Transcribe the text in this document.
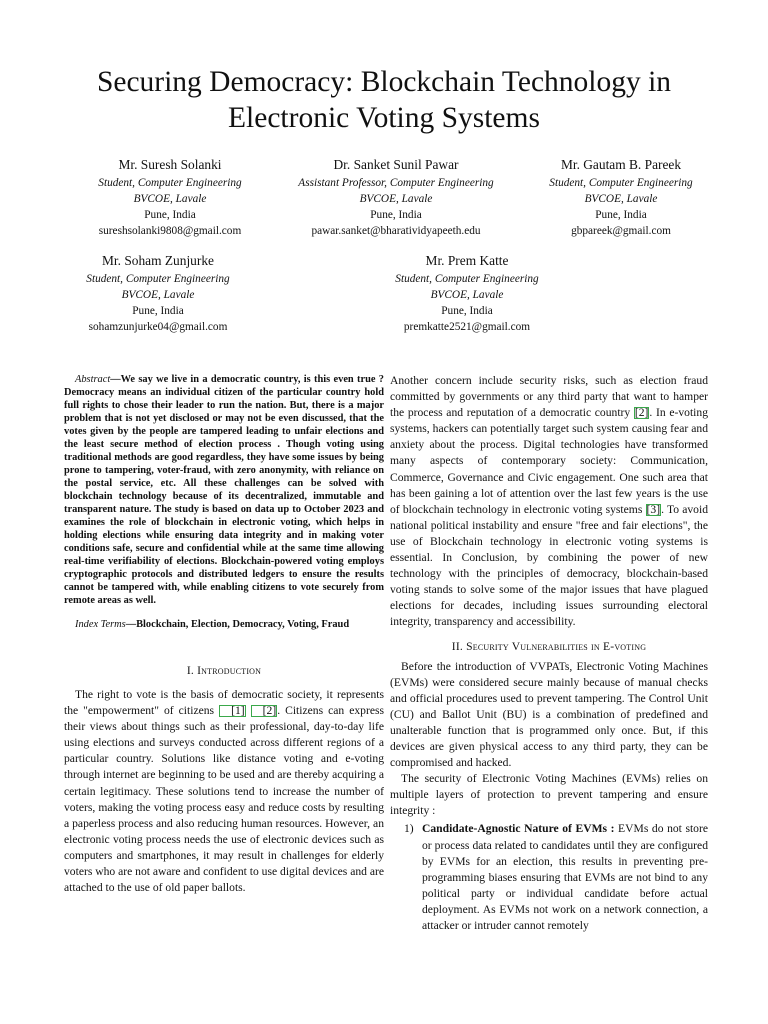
Securing Democracy: Blockchain Technology in Electronic Voting Systems
Mr. Suresh Solanki
Student, Computer Engineering
BVCOE, Lavale
Pune, India
sureshsolanki9808@gmail.com
Dr. Sanket Sunil Pawar
Assistant Professor, Computer Engineering
BVCOE, Lavale
Pune, India
pawar.sanket@bharatividyapeeth.edu
Mr. Gautam B. Pareek
Student, Computer Engineering
BVCOE, Lavale
Pune, India
gbpareek@gmail.com
Mr. Soham Zunjurke
Student, Computer Engineering
BVCOE, Lavale
Pune, India
sohamzunjurke04@gmail.com
Mr. Prem Katte
Student, Computer Engineering
BVCOE, Lavale
Pune, India
premkatte2521@gmail.com

Abstract—We say we live in a democratic country, is this even true ? Democracy means an individual citizen of the particular country hold full rights to chose their leader to run the nation. But, there is a major problem that is not yet disclosed or may not be even discussed, that the votes given by the people are tampered leading to unfair elections and the least secure method of election process . Though voting using traditional methods are good regardless, they have some issues by being prone to tampering, voter-fraud, with zero anonymity, with reliance on the postal service, etc. All these challenges can be solved with blockchain technology because of its decentralized, immutable and transparent nature. The study is based on data up to October 2023 and examines the role of blockchain in electronic voting, which helps in holding elections while ensuring data integrity and in making voter conditions safe, secure and confidential while at the same time allowing real-time verifiability of elections. Blockchain-powered voting employs cryptographic protocols and distributed ledgers to ensure the results cannot be tampered with, while enabling citizens to vote securely from remote areas as well.

Index Terms—Blockchain, Election, Democracy, Voting, Fraud

I. Introduction

The right to vote is the basis of democratic society, it represents the "empowerment" of citizens [1] [2]. Citizens can express their views about things such as their professional, day-to-day life using elections and surveys conducted across different regions of a particular country. Solutions like distance voting and e-voting through internet are beginning to be used and are thereby acquiring a certain legitimacy. These solutions tend to increase the number of voters, making the voting process easy and reduce costs by resulting a paperless process and also reducing human resources. However, an electronic voting process needs the use of electronic devices such as computers and smartphones, it may result in challenges for elderly voters who are not aware and confident to use digital devices and are attached to the use of old paper ballots.

Another concern include security risks, such as election fraud committed by governments or any third party that want to hamper the process and reputation of a democratic country [2]. In e-voting systems, hackers can potentially target such system causing fear and anxiety about the process. Digital technologies have transformed many aspects of contemporary society: Communication, Commerce, Governance and Civic engagement. One such area that has been gaining a lot of attention over the last few years is the use of blockchain technology in electronic voting systems [3]. To avoid national political instability and ensure "free and fair elections", the use of Blockchain technology in electronic voting systems is essential. In Conclusion, by combining the power of new technology with the principles of democracy, blockchain-based voting stands to solve some of the major issues that have plagued elections for decades, including issues surrounding electoral integrity, transparency and accessibility.

II. Security Vulnerabilities in E-voting

Before the introduction of VVPATs, Electronic Voting Machines (EVMs) were considered secure mainly because of manual checks and official procedures used to prevent tampering. The Control Unit (CU) and Ballot Unit (BU) is a combination of predefined and unalterable function that is programmed only once. But, if this devices are given physical access to any third party, they can be compromised and hacked.

The security of Electronic Voting Machines (EVMs) relies on multiple layers of protection to prevent tampering and ensure integrity :

1) Candidate-Agnostic Nature of EVMs : EVMs do not store or process data related to candidates until they are configured by EVMs for an election, this results in preventing pre-programming biases ensuring that EVMs are not bind to any political party or individual candidate before actual deployment. As EVMs not work on a network connection, a attacker or intruder cannot remotely
